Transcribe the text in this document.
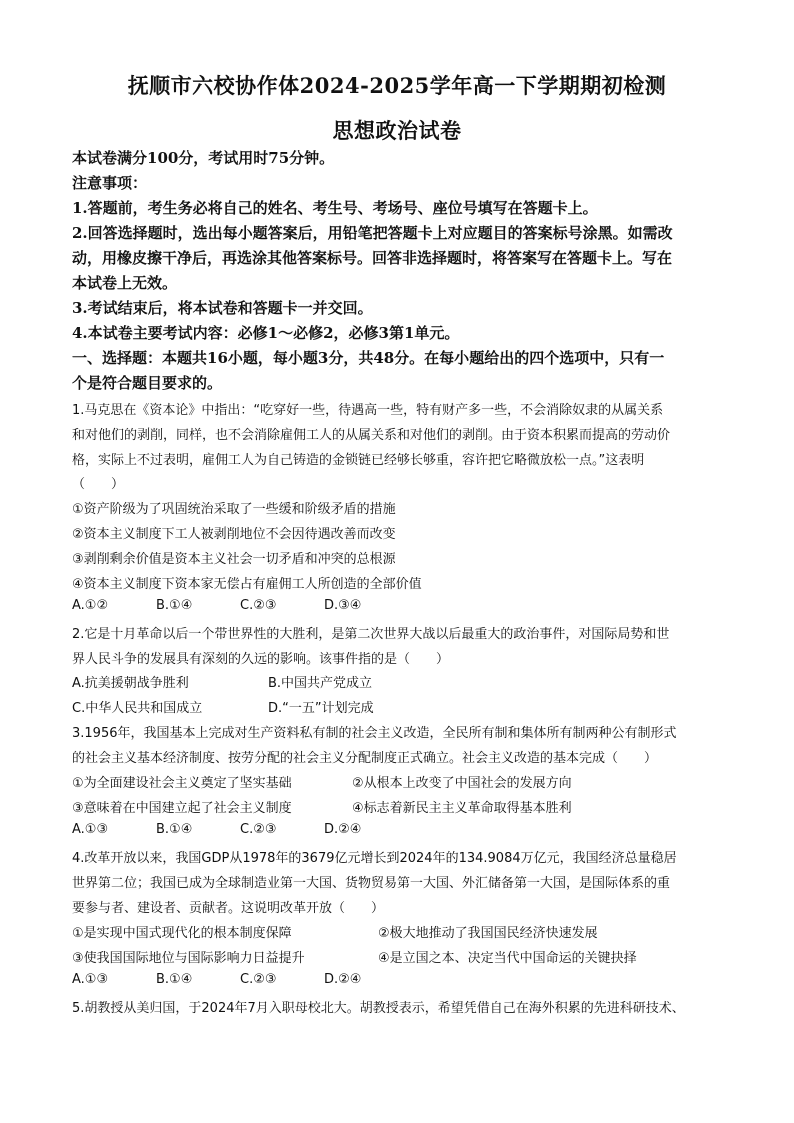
抚顺市六校协作体2024-2025学年高一下学期期初检测
思想政治试卷
本试卷满分100分，考试用时75分钟。
注意事项：
1.答题前，考生务必将自己的姓名、考生号、考场号、座位号填写在答题卡上。
2.回答选择题时，选出每小题答案后，用铅笔把答题卡上对应题目的答案标号涂黑。如需改
动，用橡皮擦干净后，再选涂其他答案标号。回答非选择题时，将答案写在答题卡上。写在
本试卷上无效。
3.考试结束后，将本试卷和答题卡一并交回。
4.本试卷主要考试内容：必修1～必修2，必修3第1单元。
一、选择题：本题共16小题，每小题3分，共48分。在每小题给出的四个选项中，只有一
个是符合题目要求的。
1.马克思在《资本论》中指出：“吃穿好一些，待遇高一些，特有财产多一些，不会消除奴隶的从属关系
和对他们的剥削，同样，也不会消除雇佣工人的从属关系和对他们的剥削。由于资本积累而提高的劳动价
格，实际上不过表明，雇佣工人为自己铸造的金锁链已经够长够重，容许把它略微放松一点。”这表明
（　　）
①资产阶级为了巩固统治采取了一些缓和阶级矛盾的措施
②资本主义制度下工人被剥削地位不会因待遇改善而改变
③剥削剩余价值是资本主义社会一切矛盾和冲突的总根源
④资本主义制度下资本家无偿占有雇佣工人所创造的全部价值
A.①②	B.①④	C.②③	D.③④
2.它是十月革命以后一个带世界性的大胜利，是第二次世界大战以后最重大的政治事件，对国际局势和世
界人民斗争的发展具有深刻的久远的影响。该事件指的是（　　）
A.抗美援朝战争胜利	B.中国共产党成立
C.中华人民共和国成立	D.“一五”计划完成
3.1956年，我国基本上完成对生产资料私有制的社会主义改造，全民所有制和集体所有制两种公有制形式
的社会主义基本经济制度、按劳分配的社会主义分配制度正式确立。社会主义改造的基本完成（　　）
①为全面建设社会主义奠定了坚实基础	②从根本上改变了中国社会的发展方向
③意味着在中国建立起了社会主义制度	④标志着新民主主义革命取得基本胜利
A.①③	B.①④	C.②③	D.②④
4.改革开放以来，我国GDP从1978年的3679亿元增长到2024年的134.9084万亿元，我国经济总量稳居
世界第二位；我国已成为全球制造业第一大国、货物贸易第一大国、外汇储备第一大国，是国际体系的重
要参与者、建设者、贡献者。这说明改革开放（　　）
①是实现中国式现代化的根本制度保障	②极大地推动了我国国民经济快速发展
③使我国国际地位与国际影响力日益提升	④是立国之本、决定当代中国命运的关键抉择
A.①③	B.①④	C.②③	D.②④
5.胡教授从美归国，于2024年7月入职母校北大。胡教授表示，希望凭借自己在海外积累的先进科研技术、
